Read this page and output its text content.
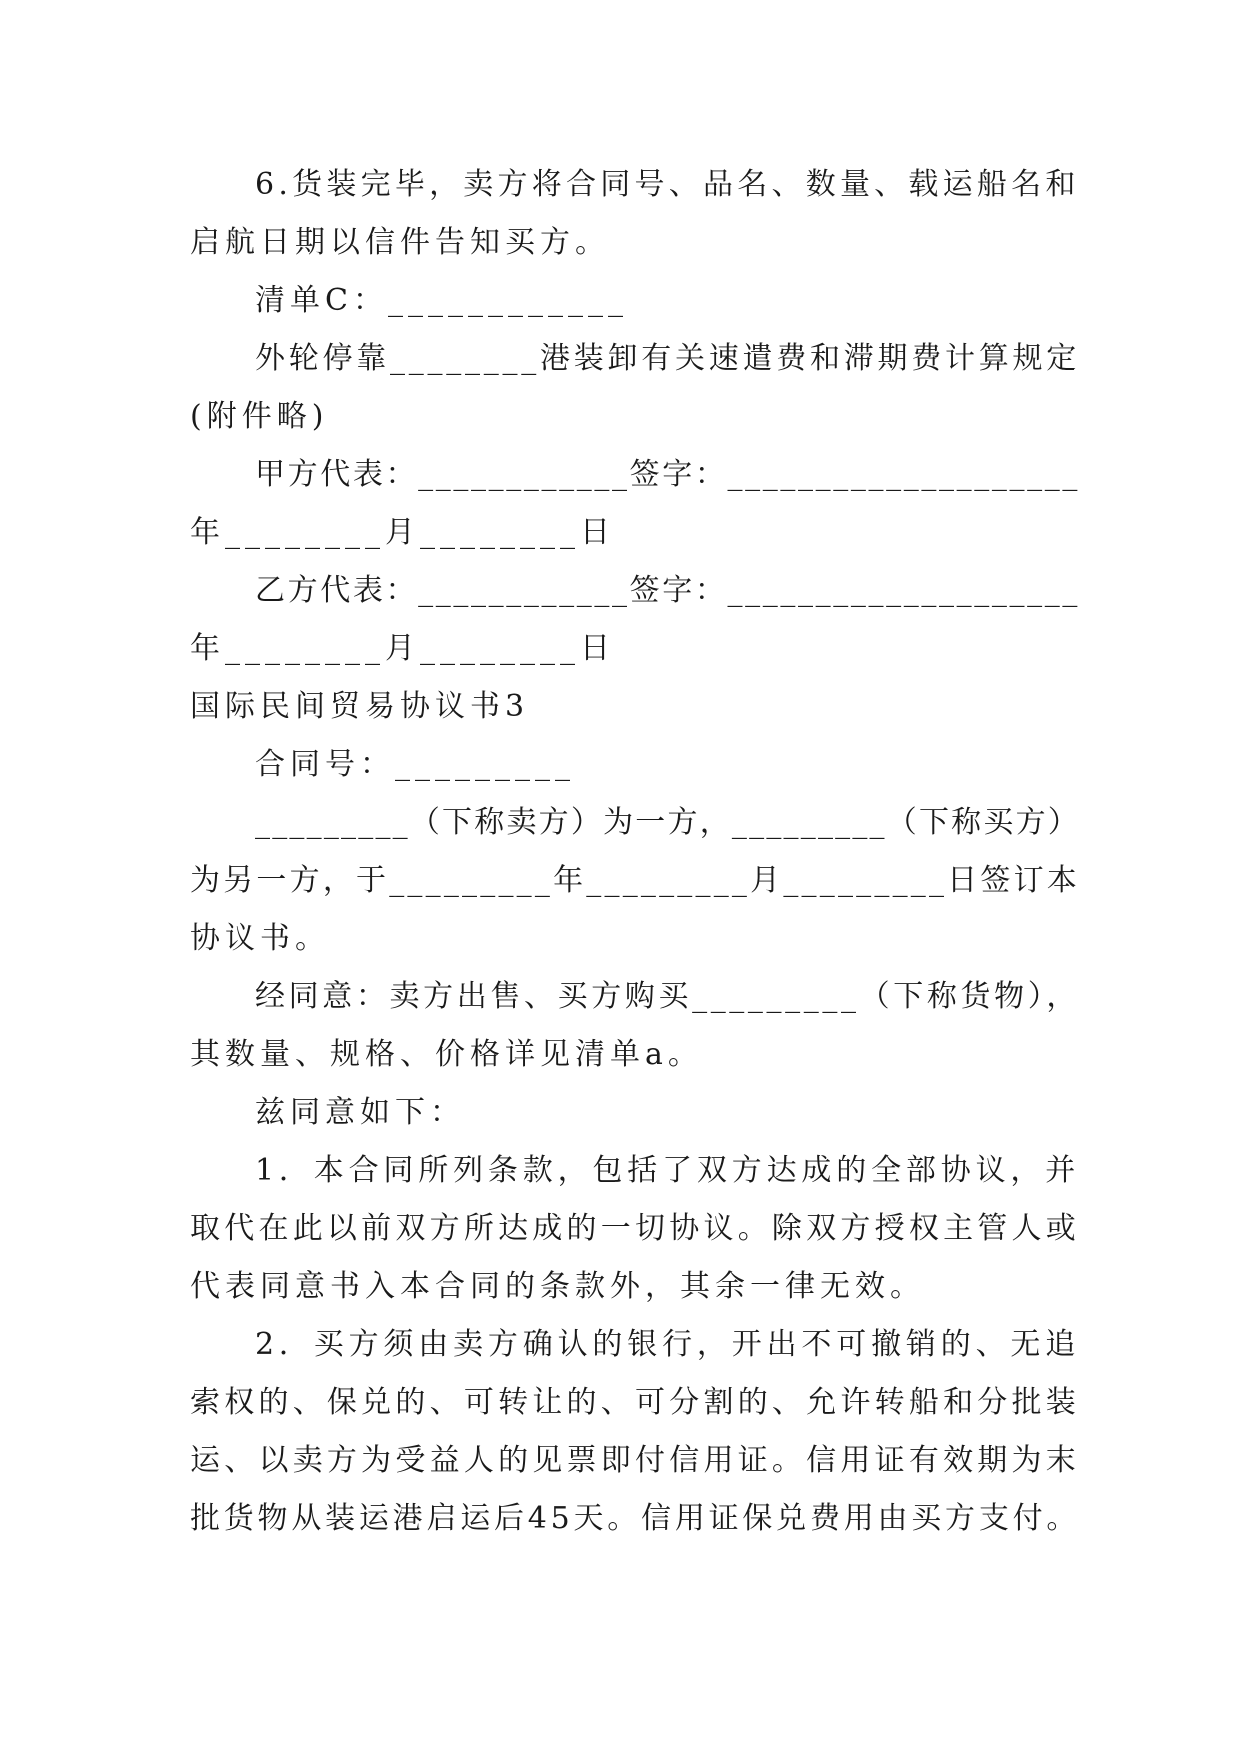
6.货装完毕，卖方将合同号、品名、数量、载运船名和
启航日期以信件告知买方。
清单C：____________
外轮停靠________港装卸有关速遣费和滞期费计算规定
(附件略)
甲方代表：____________签字：____________________
年________月________日
乙方代表：____________签字：____________________
年________月________日
国际民间贸易协议书3
合同号：_________
_________（下称卖方）为一方，_________（下称买方）
为另一方，于_________年_________月_________日签订本
协议书。
经同意：卖方出售、买方购买_________（下称货物），
其数量、规格、价格详见清单a。
兹同意如下：
1．本合同所列条款，包括了双方达成的全部协议，并
取代在此以前双方所达成的一切协议。除双方授权主管人或
代表同意书入本合同的条款外，其余一律无效。
2．买方须由卖方确认的银行，开出不可撤销的、无追
索权的、保兑的、可转让的、可分割的、允许转船和分批装
运、以卖方为受益人的见票即付信用证。信用证有效期为末
批货物从装运港启运后45天。信用证保兑费用由买方支付。
